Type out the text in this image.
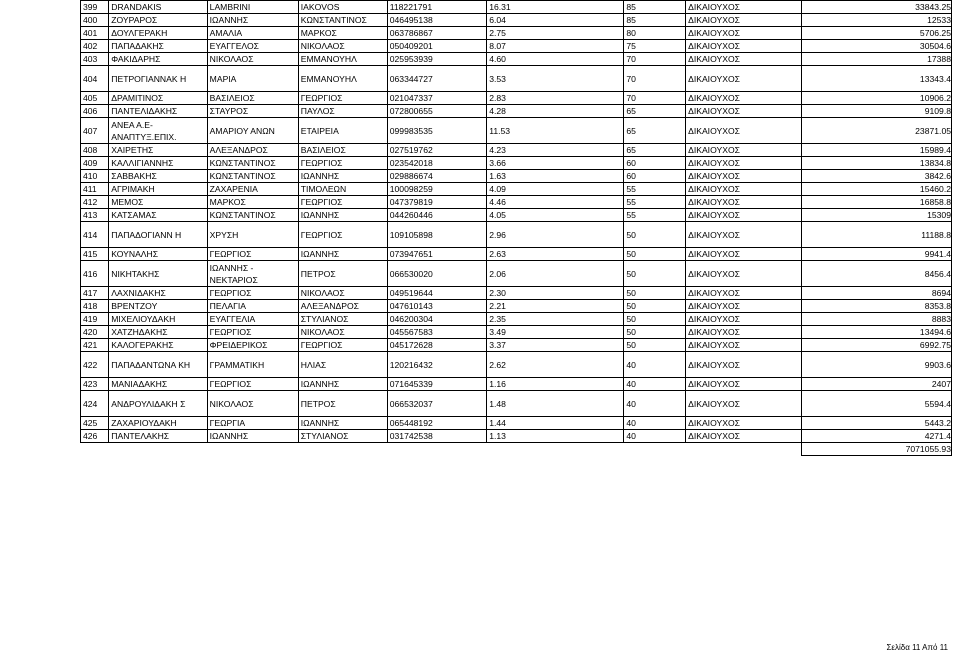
399	DRANDAKIS	LAMBRINI	IAKOVOS	118221791	16.31	85	ΔΙΚΑΙΟΥΧΟΣ	33843.25
400	ΖΟΥΡΑΡΟΣ	ΙΩΑΝΝΗΣ	ΚΩΝΣΤΑΝΤΙΝΟΣ	046495138	6.04	85	ΔΙΚΑΙΟΥΧΟΣ	12533
401	ΔΟΥΛΓΕΡΑΚΗ	ΑΜΑΛΙΑ	ΜΑΡΚΟΣ	063786867	2.75	80	ΔΙΚΑΙΟΥΧΟΣ	5706.25
402	ΠΑΠΑΔΑΚΗΣ	ΕΥΑΓΓΕΛΟΣ	ΝΙΚΟΛΑΟΣ	050409201	8.07	75	ΔΙΚΑΙΟΥΧΟΣ	30504.6
403	ΦΑΚΙΔΑΡΗΣ	ΝΙΚΟΛΑΟΣ	ΕΜΜΑΝΟΥΗΛ	025953939	4.60	70	ΔΙΚΑΙΟΥΧΟΣ	17388
404	ΠΕΤΡΟΓΙΑΝΝΑΚ Η	ΜΑΡΙΑ	ΕΜΜΑΝΟΥΗΛ	063344727	3.53	70	ΔΙΚΑΙΟΥΧΟΣ	13343.4
405	ΔΡΑΜΙΤΙΝΟΣ	ΒΑΣΙΛΕΙΟΣ	ΓΕΩΡΓΙΟΣ	021047337	2.83	70	ΔΙΚΑΙΟΥΧΟΣ	10906.2
406	ΠΑΝΤΕΛΙΔΑΚΗΣ	ΣΤΑΥΡΟΣ	ΠΑΥΛΟΣ	072800655	4.28	65	ΔΙΚΑΙΟΥΧΟΣ	9109.8
407	ΑΝΕΑ Α.Ε- ΑΝΑΠΤΥΞ.ΕΠΙΧ.	ΑΜΑΡΙΟΥ ΑΝΩΝ	ΕΤΑΙΡΕΙΑ	099983535	11.53	65	ΔΙΚΑΙΟΥΧΟΣ	23871.05
408	ΧΑΙΡΕΤΗΣ	ΑΛΕΞΑΝΔΡΟΣ	ΒΑΣΙΛΕΙΟΣ	027519762	4.23	65	ΔΙΚΑΙΟΥΧΟΣ	15989.4
409	ΚΑΛΛΙΓΙΑΝΝΗΣ	ΚΩΝΣΤΑΝΤΙΝΟΣ	ΓΕΩΡΓΙΟΣ	023542018	3.66	60	ΔΙΚΑΙΟΥΧΟΣ	13834.8
410	ΣΑΒΒΑΚΗΣ	ΚΩΝΣΤΑΝΤΙΝΟΣ	ΙΩΑΝΝΗΣ	029886674	1.63	60	ΔΙΚΑΙΟΥΧΟΣ	3842.6
411	ΑΓΡΙΜΑΚΗ	ΖΑΧΑΡΕΝΙΑ	ΤΙΜΟΛΕΩΝ	100098259	4.09	55	ΔΙΚΑΙΟΥΧΟΣ	15460.2
412	ΜΕΜΟΣ	ΜΑΡΚΟΣ	ΓΕΩΡΓΙΟΣ	047379819	4.46	55	ΔΙΚΑΙΟΥΧΟΣ	16858.8
413	ΚΑΤΣΑΜΑΣ	ΚΩΝΣΤΑΝΤΙΝΟΣ	ΙΩΑΝΝΗΣ	044260446	4.05	55	ΔΙΚΑΙΟΥΧΟΣ	15309
414	ΠΑΠΑΔΟΓΙΑΝΝ Η	ΧΡΥΣΗ	ΓΕΩΡΓΙΟΣ	109105898	2.96	50	ΔΙΚΑΙΟΥΧΟΣ	11188.8
415	ΚΟΥΝΑΛΗΣ	ΓΕΩΡΓΙΟΣ	ΙΩΑΝΝΗΣ	073947651	2.63	50	ΔΙΚΑΙΟΥΧΟΣ	9941.4
416	ΝΙΚΗΤΑΚΗΣ	ΙΩΑΝΝΗΣ - ΝΕΚΤΑΡΙΟΣ	ΠΕΤΡΟΣ	066530020	2.06	50	ΔΙΚΑΙΟΥΧΟΣ	8456.4
417	ΛΑΧΝΙΔΑΚΗΣ	ΓΕΩΡΓΙΟΣ	ΝΙΚΟΛΑΟΣ	049519644	2.30	50	ΔΙΚΑΙΟΥΧΟΣ	8694
418	ΒΡΕΝΤΖΟΥ	ΠΕΛΑΓΙΑ	ΑΛΕΞΑΝΔΡΟΣ	047610143	2.21	50	ΔΙΚΑΙΟΥΧΟΣ	8353.8
419	ΜΙΧΕΛΙΟΥΔΑΚΗ	ΕΥΑΓΓΕΛΙΑ	ΣΤΥΛΙΑΝΟΣ	046200304	2.35	50	ΔΙΚΑΙΟΥΧΟΣ	8883
420	ΧΑΤΖΗΔΑΚΗΣ	ΓΕΩΡΓΙΟΣ	ΝΙΚΟΛΑΟΣ	045567583	3.49	50	ΔΙΚΑΙΟΥΧΟΣ	13494.6
421	ΚΑΛΟΓΕΡΑΚΗΣ	ΦΡΕΙΔΕΡΙΚΟΣ	ΓΕΩΡΓΙΟΣ	045172628	3.37	50	ΔΙΚΑΙΟΥΧΟΣ	6992.75
422	ΠΑΠΑΔΑΝΤΩΝΑ ΚΗ	ΓΡΑΜΜΑΤΙΚΗ	ΗΛΙΑΣ	120216432	2.62	40	ΔΙΚΑΙΟΥΧΟΣ	9903.6
423	ΜΑΝΙΑΔΑΚΗΣ	ΓΕΩΡΓΙΟΣ	ΙΩΑΝΝΗΣ	071645339	1.16	40	ΔΙΚΑΙΟΥΧΟΣ	2407
424	ΑΝΔΡΟΥΛΙΔΑΚΗ Σ	ΝΙΚΟΛΑΟΣ	ΠΕΤΡΟΣ	066532037	1.48	40	ΔΙΚΑΙΟΥΧΟΣ	5594.4
425	ΖΑΧΑΡΙΟΥΔΑΚΗ	ΓΕΩΡΓΙΑ	ΙΩΑΝΝΗΣ	065448192	1.44	40	ΔΙΚΑΙΟΥΧΟΣ	5443.2
426	ΠΑΝΤΕΛΑΚΗΣ	ΙΩΑΝΝΗΣ	ΣΤΥΛΙΑΝΟΣ	031742538	1.13	40	ΔΙΚΑΙΟΥΧΟΣ	4271.4
								7071055.93
Σελίδα 11 Από 11
